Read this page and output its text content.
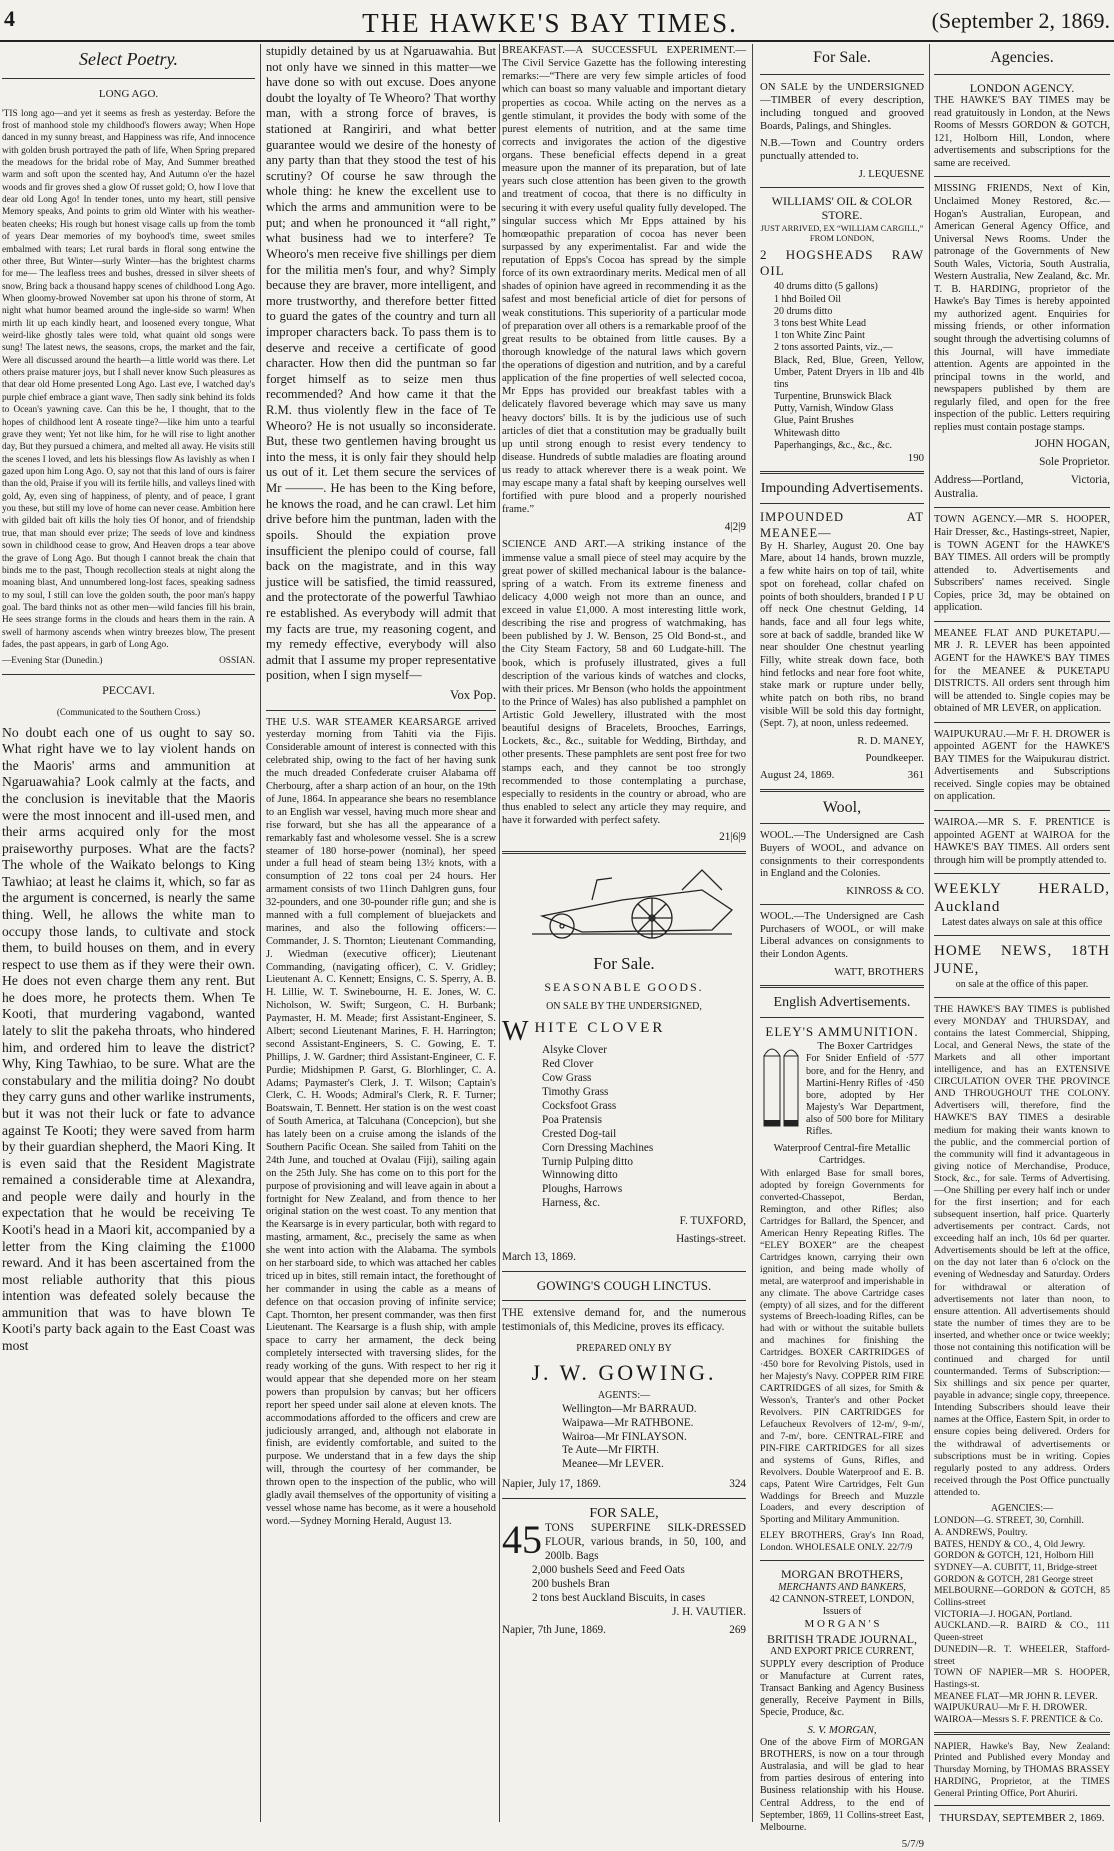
4	THE HAWKE'S BAY TIMES.	(September 2, 1869.
Select Poetry.
LONG AGO.

'TIS long ago—and yet it seems as fresh as yesterday. Before the frost of manhood stole my childhood's flowers away; When Hope danced in my sunny breast, and Happiness was rife, And innocence with golden brush portrayed the path of life, When Spring prepared the meadows for the bridal robe of May, And Summer breathed warm and soft upon the scented hay, And Autumn o'er the hazel woods and fir groves shed a glow Of russet gold; O, how I love that dear old Long Ago! In tender tones, unto my heart, still pensive Memory speaks, And points to grim old Winter with his weather-beaten cheeks; His rough but honest visage calls up from the tomb of years Dear memories of my boyhood's time, sweet smiles embalmed with tears; Let rural bards in floral song entwine the other three, But Winter—surly Winter—has the brightest charms for me— The leafless trees and bushes, dressed in silver sheets of snow, Bring back a thousand happy scenes of childhood Long Ago. When gloomy-browed November sat upon his throne of storm, At night what humor beamed around the ingle-side so warm! When mirth lit up each kindly heart, and loosened every tongue, What weird-like ghostly tales were told, what quaint old songs were sung! The latest news, the seasons, crops, the market and the fair, Were all discussed around the hearth—a little world was there. Let others praise maturer joys, but I shall never know Such pleasures as that dear old Home presented Long Ago. Last eve, I watched day's purple chief embrace a giant wave, Then sadly sink behind its folds to Ocean's yawning cave. Can this be he, I thought, that to the hopes of childhood lent A roseate tinge?—like him unto a tearful grave they went; Yet not like him, for he will rise to light another day, But they pursued a chimera, and melted all away. He visits still the scenes I loved, and lets his blessings flow As lavishly as when I gazed upon him Long Ago. O, say not that this land of ours is fairer than the old, Praise if you will its fertile hills, and valleys lined with gold, Ay, even sing of happiness, of plenty, and of peace, I grant you these, but still my love of home can never cease. Ambition here with gilded bait oft kills the holy ties Of honor, and of friendship true, that man should ever prize; The seeds of love and kindness sown in childhood cease to grow, And Heaven drops a tear above the grave of Long Ago. But though I cannot break the chain that binds me to the past, Though recollection steals at night along the moaning blast, And unnumbered long-lost faces, speaking sadness to my soul, I still can love the golden south, the poor man's happy goal. The bard thinks not as other men—wild fancies fill his brain, He sees strange forms in the clouds and hears them in the rain. A swell of harmony ascends when wintry breezes blow, The present fades, the past appears, in garb of Long Ago.

—Evening Star (Dunedin.)	OSSIAN.

PECCAVI.
(Communicated to the Southern Cross.)

No doubt each one of us ought to say so. What right have we to lay violent hands on the Maoris' arms and ammunition at Ngaruawahia? Look calmly at the facts, and the conclusion is inevitable that the Maoris were the most innocent and ill-used men, and their arms acquired only for the most praiseworthy purposes. What are the facts? The whole of the Waikato belongs to King Tawhiao; at least he claims it, which, so far as the argument is concerned, is nearly the same thing. Well, he allows the white man to occupy those lands, to cultivate and stock them, to build houses on them, and in every respect to use them as if they were their own. He does not even charge them any rent. But he does more, he protects them. When Te Kooti, that murdering vagabond, wanted lately to slit the pakeha throats, who hindered him, and ordered him to leave the district? Why, King Tawhiao, to be sure. What are the constabulary and the militia doing? No doubt they carry guns and other warlike instruments, but it was not their luck or fate to advance against Te Kooti; they were saved from harm by their guardian shepherd, the Maori King. It is even said that the Resident Magistrate remained a considerable time at Alexandra, and people were daily and hourly in the expectation that he would be receiving Te Kooti's head in a Maori kit, accompanied by a letter from the King claiming the £1000 reward. And it has been ascertained from the most reliable authority that this pious intention was defeated solely because the ammunition that was to have blown Te Kooti's party back again to the East Coast was most

stupidly detained by us at Ngaruawahia. But not only have we sinned in this matter—we have done so with out excuse. Does anyone doubt the loyalty of Te Wheoro? That worthy man, with a strong force of braves, is stationed at Rangiriri, and what better guarantee would we desire of the honesty of any party than that they stood the test of his scrutiny? Of course he saw through the whole thing: he knew the excellent use to which the arms and ammunition were to be put; and when he pronounced it “all right,” what business had we to interfere? Te Wheoro's men receive five shillings per diem for the militia men's four, and why? Simply because they are braver, more intelligent, and more trustworthy, and therefore better fitted to guard the gates of the country and turn all improper characters back. To pass them is to deserve and receive a certificate of good character. How then did the puntman so far forget himself as to seize men thus recommended? And how came it that the R.M. thus violently flew in the face of Te Wheoro? He is not usually so inconsiderate. But, these two gentlemen having brought us into the mess, it is only fair they should help us out of it. Let them secure the services of Mr ———. He has been to the King before, he knows the road, and he can crawl. Let him drive before him the puntman, laden with the spoils. Should the expiation prove insufficient the plenipo could of course, fall back on the magistrate, and in this way justice will be satisfied, the timid reassured, and the protectorate of the powerful Tawhiao re established. As everybody will admit that my facts are true, my reasoning cogent, and my remedy effective, everybody will also admit that I assume my proper representative position, when I sign myself—

Vox Pop.

THE U.S. WAR STEAMER KEARSARGE arrived yesterday morning from Tahiti via the Fijis. Considerable amount of interest is connected with this celebrated ship, owing to the fact of her having sunk the much dreaded Confederate cruiser Alabama off Cherbourg, after a sharp action of an hour, on the 19th of June, 1864. In appearance she bears no resemblance to an English war vessel, having much more shear and rise forward, but she has all the appearance of a remarkably fast and wholesome vessel. She is a screw steamer of 180 horse-power (nominal), her speed under a full head of steam being 13½ knots, with a consumption of 22 tons coal per 24 hours. Her armament consists of two 11inch Dahlgren guns, four 32-pounders, and one 30-pounder rifle gun; and she is manned with a full complement of bluejackets and marines, and also the following officers:—Commander, J. S. Thornton; Lieutenant Commanding, J. Wiedman (executive officer); Lieutenant Commanding, (navigating officer), C. V. Gridley; Lieutenant A. C. Kennett; Ensigns, C. S. Sperry, A. B. H. Lillie, W. T. Swinebourne, H. E. Jones, W. C. Nicholson, W. Swift; Surgeon, C. H. Burbank; Paymaster, H. M. Meade; first Assistant-Engineer, S. Albert; second Lieutenant Marines, F. H. Harrington; second Assistant-Engineers, S. C. Gowing, E. T. Phillips, J. W. Gardner; third Assistant-Engineer, C. F. Purdie; Midshipmen P. Garst, G. Blorhlinger, C. A. Adams; Paymaster's Clerk, J. T. Wilson; Captain's Clerk, C. H. Woods; Admiral's Clerk, R. F. Turner; Boatswain, T. Bennett. Her station is on the west coast of South America, at Talcuhana (Concepcion), but she has lately been on a cruise among the islands of the Southern Pacific Ocean. She sailed from Tahiti on the 24th June, and touched at Ovalau (Fiji), sailing again on the 25th July. She has come on to this port for the purpose of provisioning and will leave again in about a fortnight for New Zealand, and from thence to her original station on the west coast. To any mention that the Kearsarge is in every particular, both with regard to masting, armament, &c., precisely the same as when she went into action with the Alabama. The symbols on her starboard side, to which was attached her cables triced up in bites, still remain intact, the forethought of her commander in using the cable as a means of defence on that occasion proving of infinite service; Capt. Thornton, her present commander, was then first Lieutenant. The Kearsarge is a flush ship, with ample space to carry her armament, the deck being completely intersected with traversing slides, for the ready working of the guns. With respect to her rig it would appear that she depended more on her steam powers than propulsion by canvas; but her officers report her speed under sail alone at eleven knots. The accommodations afforded to the officers and crew are judiciously arranged, and, although not elaborate in finish, are evidently comfortable, and suited to the purpose. We understand that in a few days the ship will, through the courtesy of her commander, be thrown open to the inspection of the public, who will gladly avail themselves of the opportunity of visiting a vessel whose name has become, as it were a household word.—Sydney Morning Herald, August 13.

BREAKFAST.—A SUCCESSFUL EXPERIMENT.—The Civil Service Gazette has the following interesting remarks:—“There are very few simple articles of food which can boast so many valuable and important dietary properties as cocoa. While acting on the nerves as a gentle stimulant, it provides the body with some of the purest elements of nutrition, and at the same time corrects and invigorates the action of the digestive organs. These beneficial effects depend in a great measure upon the manner of its preparation, but of late years such close attention has been given to the growth and treatment of cocoa, that there is no difficulty in securing it with every useful quality fully developed. The singular success which Mr Epps attained by his homœopathic preparation of cocoa has never been surpassed by any experimentalist. Far and wide the reputation of Epps's Cocoa has spread by the simple force of its own extraordinary merits. Medical men of all shades of opinion have agreed in recommending it as the safest and most beneficial article of diet for persons of weak constitutions. This superiority of a particular mode of preparation over all others is a remarkable proof of the great results to be obtained from little causes. By a thorough knowledge of the natural laws which govern the operations of digestion and nutrition, and by a careful application of the fine properties of well selected cocoa, Mr Epps has provided our breakfast tables with a delicately flavored beverage which may save us many heavy doctors' bills. It is by the judicious use of such articles of diet that a constitution may be gradually built up until strong enough to resist every tendency to disease. Hundreds of subtle maladies are floating around us ready to attack wherever there is a weak point. We may escape many a fatal shaft by keeping ourselves well fortified with pure blood and a properly nourished frame.”

4|2|9

SCIENCE AND ART.—A striking instance of the immense value a small piece of steel may acquire by the great power of skilled mechanical labour is the balance-spring of a watch. From its extreme fineness and delicacy 4,000 weigh not more than an ounce, and exceed in value £1,000. A most interesting little work, describing the rise and progress of watchmaking, has been published by J. W. Benson, 25 Old Bond-st., and the City Steam Factory, 58 and 60 Ludgate-hill. The book, which is profusely illustrated, gives a full description of the various kinds of watches and clocks, with their prices. Mr Benson (who holds the appointment to the Prince of Wales) has also published a pamphlet on Artistic Gold Jewellery, illustrated with the most beautiful designs of Bracelets, Brooches, Earrings, Lockets, &c., &c., suitable for Wedding, Birthday, and other presents. These pamphlets are sent post free for two stamps each, and they cannot be too strongly recommended to those contemplating a purchase, especially to residents in the country or abroad, who are thus enabled to select any article they may require, and have it forwarded with perfect safety.

21|6|9

For Sale.
SEASONABLE GOODS.
ON SALE BY THE UNDERSIGNED,
WHITE CLOVER
Alsyke Clover
Red Clover
Cow Grass
Timothy Grass
Cocksfoot Grass
Poa Pratensis
Crested Dog-tail
Corn Dressing Machines
Turnip Pulping ditto
Winnowing ditto
Ploughs, Harrows
Harness, &c.

F. TUXFORD,

Hastings-street.

March 13, 1869.

GOWING'S COUGH LINCTUS.

THE extensive demand for, and the numerous testimonials of, this Medicine, proves its efficacy.

PREPARED ONLY BY
J. W. GOWING.
AGENTS:—
Wellington—Mr BARRAUD.
Waipawa—Mr RATHBONE.
Wairoa—Mr FINLAYSON.
Te Aute—Mr FIRTH.
Meanee—Mr LEVER.

Napier, July 17, 1869.	324

FOR SALE,
45 TONS SUPERFINE SILK-DRESSED FLOUR, various brands, in 50, 100, and 200lb. Bags
2,000 bushels Seed and Feed Oats
200 bushels Bran
2 tons best Auckland Biscuits, in cases

J. H. VAUTIER.

Napier, 7th June, 1869.	269

For Sale.

ON SALE by the UNDERSIGNED—TIMBER of every description, including tongued and grooved Boards, Palings, and Shingles.

N.B.—Town and Country orders punctually attended to.

J. LEQUESNE

WILLIAMS' OIL & COLOR STORE.
JUST ARRIVED, EX “WILLIAM CARGILL,” FROM LONDON,
2 HOGSHEADS RAW OIL
40 drums ditto (5 gallons)
1 hhd Boiled Oil
20 drums ditto
3 tons best White Lead
1 ton White Zinc Paint
2 tons assorted Paints, viz.,—
Black, Red, Blue, Green, Yellow, Umber, Patent Dryers in 1lb and 4lb tins
Turpentine, Brunswick Black
Putty, Varnish, Window Glass
Glue, Paint Brushes
Whitewash ditto
Paperhangings, &c., &c., &c.

190

Impounding Advertisements.
IMPOUNDED AT MEANEE—

By H. Sharley, August 20. One bay Mare, about 14 hands, brown muzzle, a few white hairs on top of tail, white spot on forehead, collar chafed on points of both shoulders, branded I P U off neck One chestnut Gelding, 14 hands, face and all four legs white, sore at back of saddle, branded like W near shoulder One chestnut yearling Filly, white streak down face, both hind fetlocks and near fore foot white, stake mark or rupture under belly, white patch on both ribs, no brand visible Will be sold this day fortnight, (Sept. 7), at noon, unless redeemed.

R. D. MANEY,

Poundkeeper.

August 24, 1869.	361

Wool,

WOOL.—The Undersigned are Cash Buyers of WOOL, and advance on consignments to their correspondents in England and the Colonies.

KINROSS & CO.

WOOL.—The Undersigned are Cash Purchasers of WOOL, or will make Liberal advances on consignments to their London Agents.

WATT, BROTHERS

English Advertisements.
ELEY'S AMMUNITION.
The Boxer Cartridges

For Snider Enfield of ·577 bore, and for the Henry, and Martini-Henry Rifles of ·450 bore, adopted by Her Majesty's War Department, also of 500 bore for Military Rifles.

Waterproof Central-fire Metallic Cartridges.

With enlarged Base for small bores, adopted by foreign Governments for converted-Chassepot, Berdan, Remington, and other Rifles; also Cartridges for Ballard, the Spencer, and American Henry Repeating Rifles. The “ELEY BOXER” are the cheapest Cartridges known, carrying their own ignition, and being made wholly of metal, are waterproof and imperishable in any climate. The above Cartridge cases (empty) of all sizes, and for the different systems of Breech-loading Rifles, can be had with or without the suitable bullets and machines for finishing the Cartridges. BOXER CARTRIDGES of ·450 bore for Revolving Pistols, used in her Majesty's Navy. COPPER RIM FIRE CARTRIDGES of all sizes, for Smith & Wesson's, Tranter's and other Pocket Revolvers. PIN CARTRIDGES for Lefaucheux Revolvers of 12-m/, 9-m/, and 7-m/, bore. CENTRAL-FIRE and PIN-FIRE CARTRIDGES for all sizes and systems of Guns, Rifles, and Revolvers. Double Waterproof and E. B. caps, Patent Wire Cartridges, Felt Gun Waddings for Breech and Muzzle Loaders, and every description of Sporting and Military Ammunition.

ELEY BROTHERS, Gray's Inn Road, London. WHOLESALE ONLY. 22/7/9

MORGAN BROTHERS,
MERCHANTS AND BANKERS,
42 CANNON-STREET, LONDON,
Issuers of
M O R G A N ' S
BRITISH TRADE JOURNAL,
AND EXPORT PRICE CURRENT,

SUPPLY every description of Produce or Manufacture at Current rates, Transact Banking and Agency Business generally, Receive Payment in Bills, Specie, Produce, &c.

S. V. MORGAN,

One of the above Firm of MORGAN BROTHERS, is now on a tour through Australasia, and will be glad to hear from parties desirous of entering into Business relationship with his House. Central Address, to the end of September, 1869, 11 Collins-street East, Melbourne.

5/7/9

Agencies.
LONDON AGENCY.

THE HAWKE'S BAY TIMES may be read gratuitously in London, at the News Rooms of Messrs GORDON & GOTCH, 121, Holborn Hill, London, where advertisements and subscriptions for the same are received.

MISSING FRIENDS, Next of Kin, Unclaimed Money Restored, &c.—Hogan's Australian, European, and American General Agency Office, and Universal News Rooms. Under the patronage of the Governments of New South Wales, Victoria, South Australia, Western Australia, New Zealand, &c. Mr. T. B. HARDING, proprietor of the Hawke's Bay Times is hereby appointed my authorized agent. Enquiries for missing friends, or other information sought through the advertising columns of this Journal, will have immediate attention. Agents are appointed in the principal towns in the world, and newspapers published by them are regularly filed, and open for the free inspection of the public. Letters requiring replies must contain postage stamps.

JOHN HOGAN,

Sole Proprietor.

Address—Portland, Victoria, Australia.

TOWN AGENCY.—MR S. HOOPER, Hair Dresser, &c., Hastings-street, Napier, is TOWN AGENT for the HAWKE'S BAY TIMES. All orders will be promptly attended to. Advertisements and Subscribers' names received. Single Copies, price 3d, may be obtained on application.

MEANEE FLAT AND PUKETAPU.—MR J. R. LEVER has been appointed AGENT for the HAWKE'S BAY TIMES for the MEANEE & PUKETAPU DISTRICTS. All orders sent through him will be attended to. Single copies may be obtained of MR LEVER, on application.

WAIPUKURAU.—Mr F. H. DROWER is appointed AGENT for the HAWKE'S BAY TIMES for the Waipukurau district. Advertisements and Subscriptions received. Single copies may be obtained on application.

WAIROA.—MR S. F. PRENTICE is appointed AGENT at WAIROA for the HAWKE'S BAY TIMES. All orders sent through him will be promptly attended to.

WEEKLY HERALD, Auckland
Latest dates always on sale at this office
HOME NEWS, 18TH JUNE,
on sale at the office of this paper.

THE HAWKE'S BAY TIMES is published every MONDAY and THURSDAY, and contains the latest Commercial, Shipping, Local, and General News, the state of the Markets and all other important intelligence, and has an EXTENSIVE CIRCULATION OVER THE PROVINCE AND THROUGHOUT THE COLONY. Advertisers will, therefore, find the HAWKE'S BAY TIMES a desirable medium for making their wants known to the public, and the commercial portion of the community will find it advantageous in giving notice of Merchandise, Produce, Stock, &c., for sale. Terms of Advertising.—One Shilling per every half inch or under for the first insertion; and for each subsequent insertion, half price. Quarterly advertisements per contract. Cards, not exceeding half an inch, 10s 6d per quarter. Advertisements should be left at the office, on the day not later than 6 o'clock on the evening of Wednesday and Saturday. Orders for withdrawal or alteration of advertisements not later than noon, to ensure attention. All advertisements should state the number of times they are to be inserted, and whether once or twice weekly; those not containing this notification will be continued and charged for until countermanded. Terms of Subscription:—Six shillings and six pence per quarter, payable in advance; single copy, threepence. Intending Subscribers should leave their names at the Office, Eastern Spit, in order to ensure copies being delivered. Orders for the withdrawal of advertisements or subscriptions must be in writing. Copies regularly posted to any address. Orders received through the Post Office punctually attended to.

AGENCIES:—
LONDON—G. STREET, 30, Cornhill.
A. ANDREWS, Poultry.
BATES, HENDY & CO., 4, Old Jewry.
GORDON & GOTCH, 121, Holborn Hill
SYDNEY—A. CUBITT, 11, Bridge-street
GORDON & GOTCH, 281 George street
MELBOURNE—GORDON & GOTCH, 85 Collins-street
VICTORIA—J. HOGAN, Portland.
AUCKLAND.—R. BAIRD & CO., 111 Queen-street
DUNEDIN—R. T. WHEELER, Stafford-street
TOWN OF NAPIER—MR S. HOOPER, Hastings-st.
MEANEE FLAT—MR JOHN R. LEVER.
WAIPUKURAU—Mr F. H. DROWER.
WAIROA—Messrs S. F. PRENTICE & Co.

NAPIER, Hawke's Bay, New Zealand: Printed and Published every Monday and Thursday Morning, by THOMAS BRASSEY HARDING, Proprietor, at the TIMES General Printing Office, Port Ahuriri.

THURSDAY, SEPTEMBER 2, 1869.
